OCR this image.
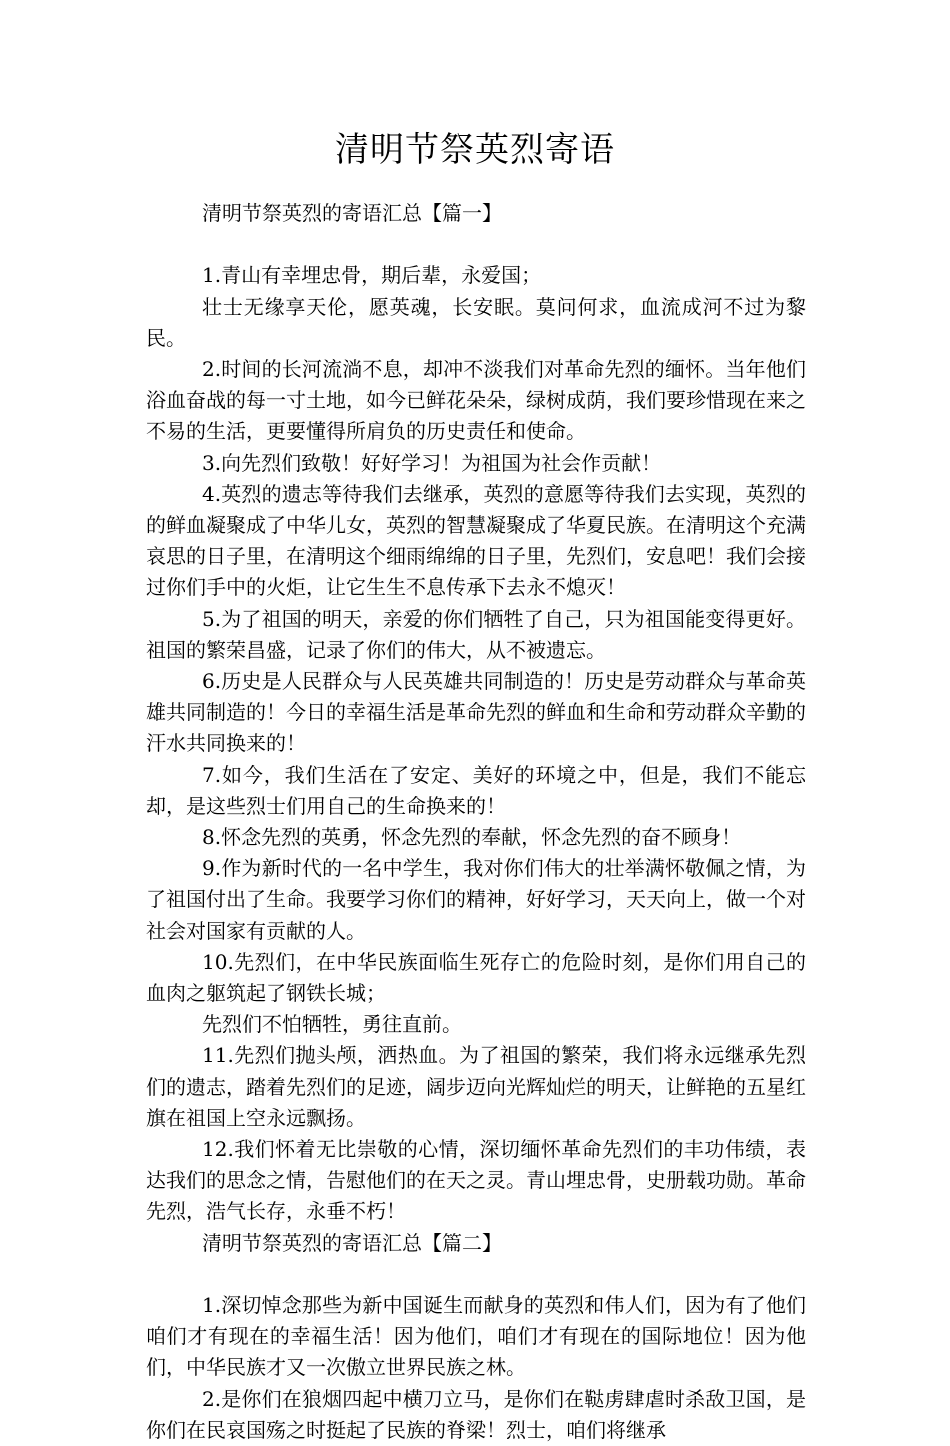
清明节祭英烈寄语

清明节祭英烈的寄语汇总【篇一】

1.青山有幸埋忠骨，期后辈，永爱国；

壮士无缘享天伦，愿英魂，长安眠。莫问何求，血流成河不过为黎民。

2.时间的长河流淌不息，却冲不淡我们对革命先烈的缅怀。当年他们浴血奋战的每一寸土地，如今已鲜花朵朵，绿树成荫，我们要珍惜现在来之不易的生活，更要懂得所肩负的历史责任和使命。

3.向先烈们致敬！好好学习！为祖国为社会作贡献！

4.英烈的遗志等待我们去继承，英烈的意愿等待我们去实现，英烈的的鲜血凝聚成了中华儿女，英烈的智慧凝聚成了华夏民族。在清明这个充满哀思的日子里，在清明这个细雨绵绵的日子里，先烈们，安息吧！我们会接过你们手中的火炬，让它生生不息传承下去永不熄灭！

5.为了祖国的明天，亲爱的你们牺牲了自己，只为祖国能变得更好。祖国的繁荣昌盛，记录了你们的伟大，从不被遗忘。

6.历史是人民群众与人民英雄共同制造的！历史是劳动群众与革命英雄共同制造的！今日的幸福生活是革命先烈的鲜血和生命和劳动群众辛勤的汗水共同换来的！

7.如今，我们生活在了安定、美好的环境之中，但是，我们不能忘却，是这些烈士们用自己的生命换来的！

8.怀念先烈的英勇，怀念先烈的奉献，怀念先烈的奋不顾身！

9.作为新时代的一名中学生，我对你们伟大的壮举满怀敬佩之情，为了祖国付出了生命。我要学习你们的精神，好好学习，天天向上，做一个对社会对国家有贡献的人。

10.先烈们，在中华民族面临生死存亡的危险时刻，是你们用自己的血肉之躯筑起了钢铁长城；

先烈们不怕牺牲，勇往直前。

11.先烈们抛头颅，洒热血。为了祖国的繁荣，我们将永远继承先烈们的遗志，踏着先烈们的足迹，阔步迈向光辉灿烂的明天，让鲜艳的五星红旗在祖国上空永远飘扬。

12.我们怀着无比崇敬的心情，深切缅怀革命先烈们的丰功伟绩，表达我们的思念之情，告慰他们的在天之灵。青山埋忠骨，史册载功勋。革命先烈，浩气长存，永垂不朽！

清明节祭英烈的寄语汇总【篇二】

1.深切悼念那些为新中国诞生而献身的英烈和伟人们，因为有了他们咱们才有现在的幸福生活！因为他们，咱们才有现在的国际地位！因为他们，中华民族才又一次傲立世界民族之林。

2.是你们在狼烟四起中横刀立马，是你们在鞑虏肆虐时杀敌卫国，是你们在民哀国殇之时挺起了民族的脊梁！烈士，咱们将继承
